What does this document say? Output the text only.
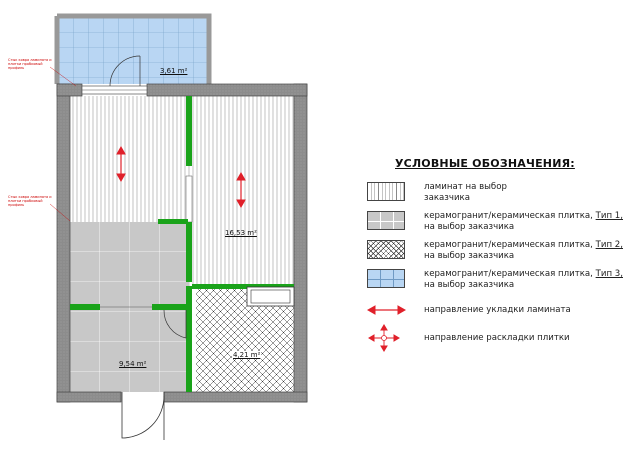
3,61 m²
16,53 m²
4,21 m²
9,54 m²
Стык ковра ламината и плитки пробковый профиль
Стык ковра ламината и плитки пробковый профиль
УСЛОВНЫЕ ОБОЗНАЧЕНИЯ:
ламинат на выбор
заказчика
керамогранит/керамическая плитка, Тип 1,
на выбор заказчика
керамогранит/керамическая плитка, Тип 2,
на выбор заказчика
керамогранит/керамическая плитка, Тип 3,
на выбор заказчика
направление укладки ламината
направление раскладки плитки
